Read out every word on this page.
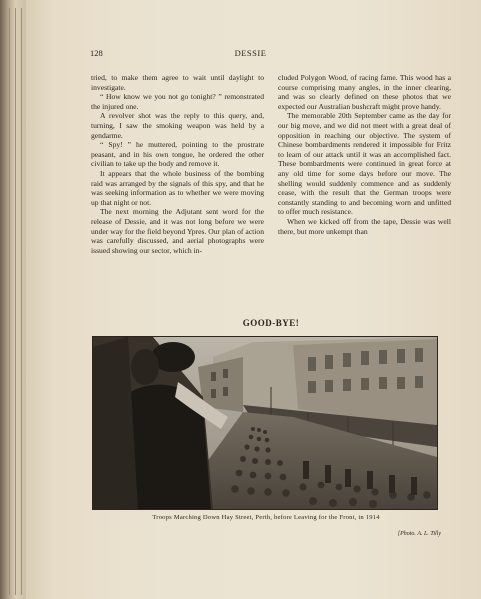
128	DESSIE

tried, to make them agree to wait until daylight to investigate.

“ How know we you not go tonight? ” remonstrated the injured one.

A revolver shot was the reply to this query, and, turning, I saw the smoking weapon was held by a gendarme.

“ Spy! ” he muttered, pointing to the prostrate peasant, and in his own tongue, he ordered the other civilian to take up the body and remove it.

It appears that the whole business of the bombing raid was arranged by the signals of this spy, and that he was seeking information as to whether we were moving up that night or not.

The next morning the Adjutant sent word for the release of Dessie, and it was not long before we were under way for the field beyond Ypres. Our plan of action was carefully discussed, and aerial photographs were issued showing our sector, which in-

cluded Polygon Wood, of racing fame. This wood has a course comprising many angles, in the inner clearing, and was so clearly defined on these photos that we expected our Australian bushcraft might prove handy.

The memorable 20th September came as the day for our big move, and we did not meet with a great deal of opposition in reaching our objective. The system of Chinese bombardments rendered it impossible for Fritz to learn of our attack until it was an accomplished fact. These bombardments were continued in great force at any old time for some days before our move. The shelling would suddenly commence and as suddenly cease, with the result that the German troops were constantly standing to and becoming worn and unfitted to offer much resistance.

When we kicked off from the tape, Dessie was well there, but more unkempt than

GOOD-BYE!
Troops Marching Down Hay Street, Perth, before Leaving for the Front, in 1914
[Photo. A. L. Tilly
